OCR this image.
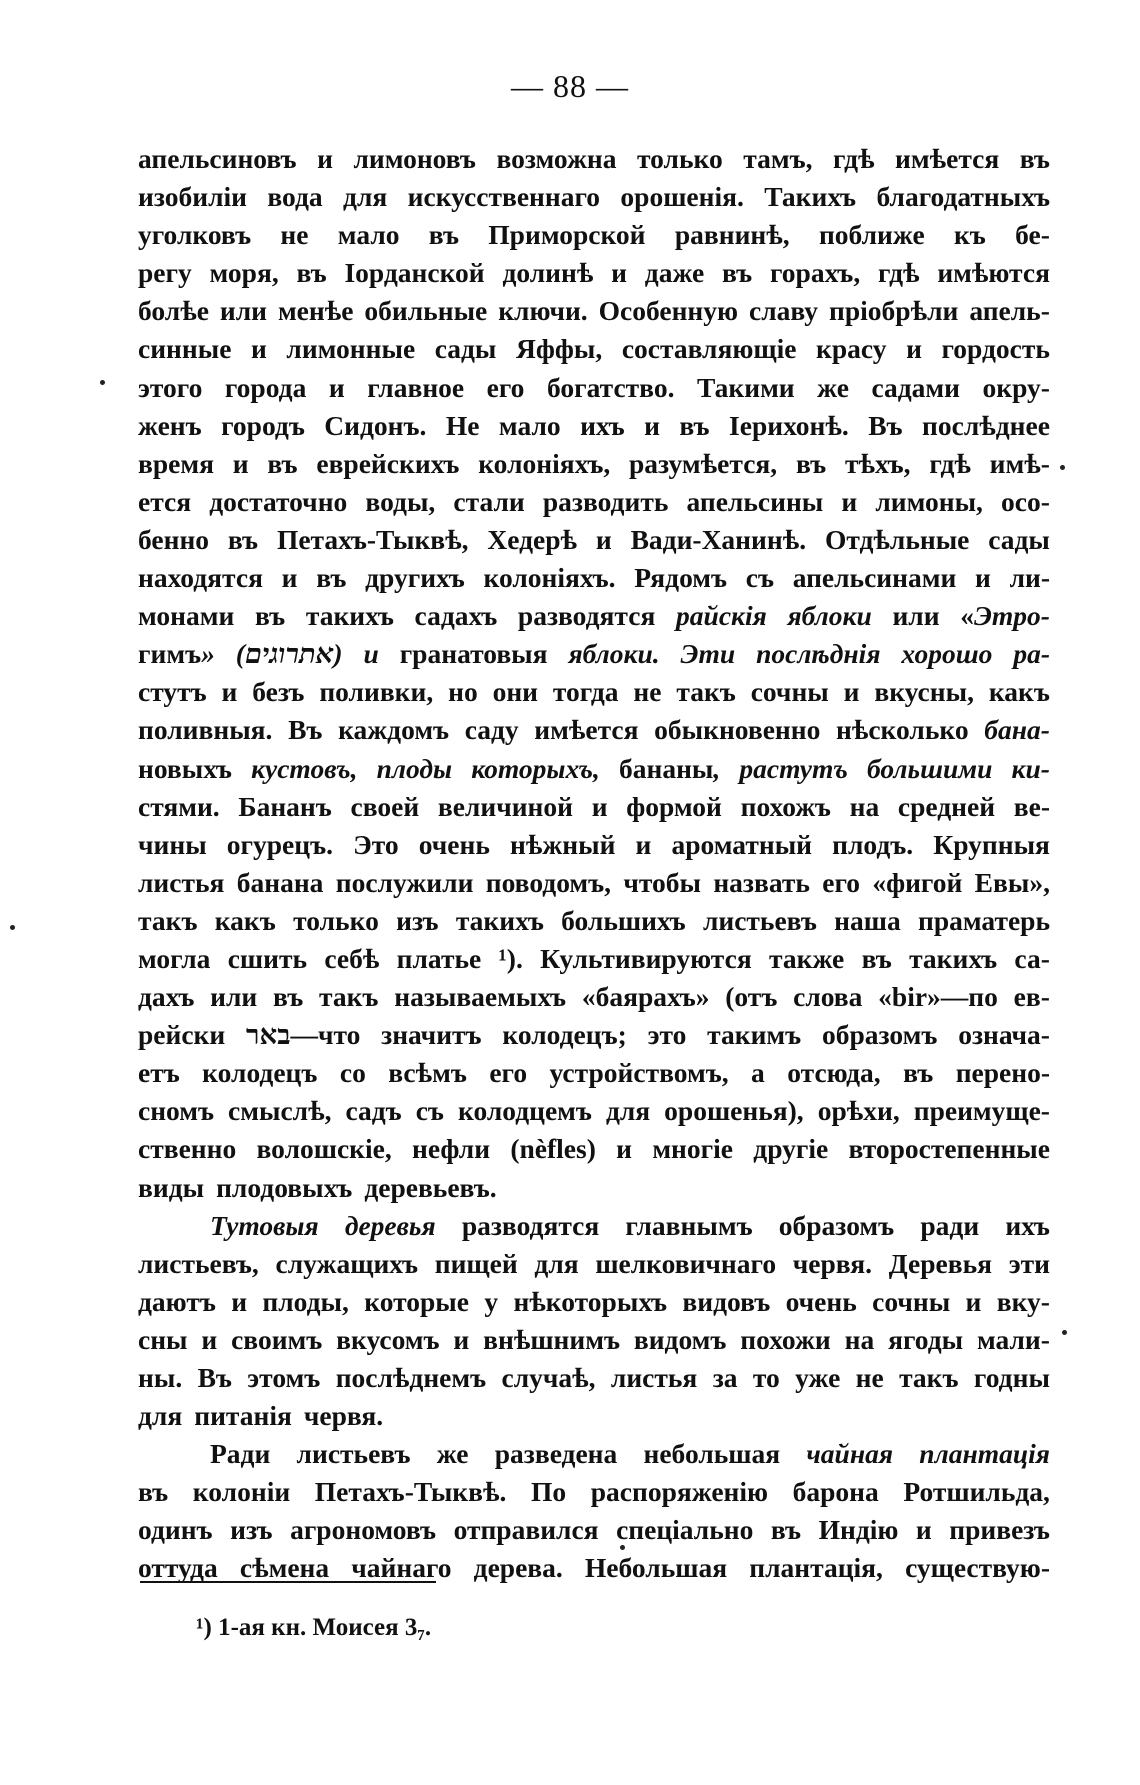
— 88 —
апельсиновъ и лимоновъ возможна только тамъ, гдѣ имѣется въ
изобиліи вода для искусственнаго орошенія. Такихъ благодатныхъ
уголковъ не мало въ Приморской равнинѣ, поближе къ бе-
регу моря, въ Іорданской долинѣ и даже въ горахъ, гдѣ имѣются
болѣе или менѣе обильные ключи. Особенную славу пріобрѣли апель-
синные и лимонные сады Яффы, составляющіе красу и гордость
этого города и главное его богатство. Такими же садами окру-
женъ городъ Сидонъ. Не мало ихъ и въ Іерихонѣ. Въ послѣднее
время и въ еврейскихъ колоніяхъ, разумѣется, въ тѣхъ, гдѣ имѣ-
ется достаточно воды, стали разводить апельсины и лимоны, осо-
бенно въ Петахъ-Тыквѣ, Хедерѣ и Вади-Ханинѣ. Отдѣльные сады
находятся и въ другихъ колоніяхъ. Рядомъ съ апельсинами и ли-
монами въ такихъ садахъ разводятся райскія яблоки или «Этро-
гимъ» (אתרוגים) и гранатовыя яблоки. Эти послѣднія хорошо ра-
стутъ и безъ поливки, но они тогда не такъ сочны и вкусны, какъ
поливныя. Въ каждомъ саду имѣется обыкновенно нѣсколько бана-
новыхъ кустовъ, плоды которыхъ, бананы, растутъ большими ки-
стями. Бананъ своей величиной и формой похожъ на средней ве-
чины огурецъ. Это очень нѣжный и ароматный плодъ. Крупныя
листья банана послужили поводомъ, чтобы назвать его «фигой Евы»,
такъ какъ только изъ такихъ большихъ листьевъ наша праматерь
могла сшить себѣ платье ¹). Культивируются также въ такихъ са-
дахъ или въ такъ называемыхъ «баярахъ» (отъ слова «bir»—по ев-
рейски באר—что значитъ колодецъ; это такимъ образомъ означа-
етъ колодецъ со всѣмъ его устройствомъ, а отсюда, въ перено-
сномъ смыслѣ, садъ съ колодцемъ для орошенья), орѣхи, преимуще-
ственно волошскіе, нефли (nèfles) и многіе другіе второстепенные
виды плодовыхъ деревьевъ.
Тутовыя деревья разводятся главнымъ образомъ ради ихъ
листьевъ, служащихъ пищей для шелковичнаго червя. Деревья эти
даютъ и плоды, которые у нѣкоторыхъ видовъ очень сочны и вку-
сны и своимъ вкусомъ и внѣшнимъ видомъ похожи на ягоды мали-
ны. Въ этомъ послѣднемъ случаѣ, листья за то уже не такъ годны
для питанія червя.
Ради листьевъ же разведена небольшая чайная плантація
въ колоніи Петахъ-Тыквѣ. По распоряженію барона Ротшильда,
одинъ изъ агрономовъ отправился спеціально въ Индію и привезъ
оттуда сѣмена чайнаго дерева. Небольшая плантація, существую-
¹) 1-ая кн. Моисея 3₇.
